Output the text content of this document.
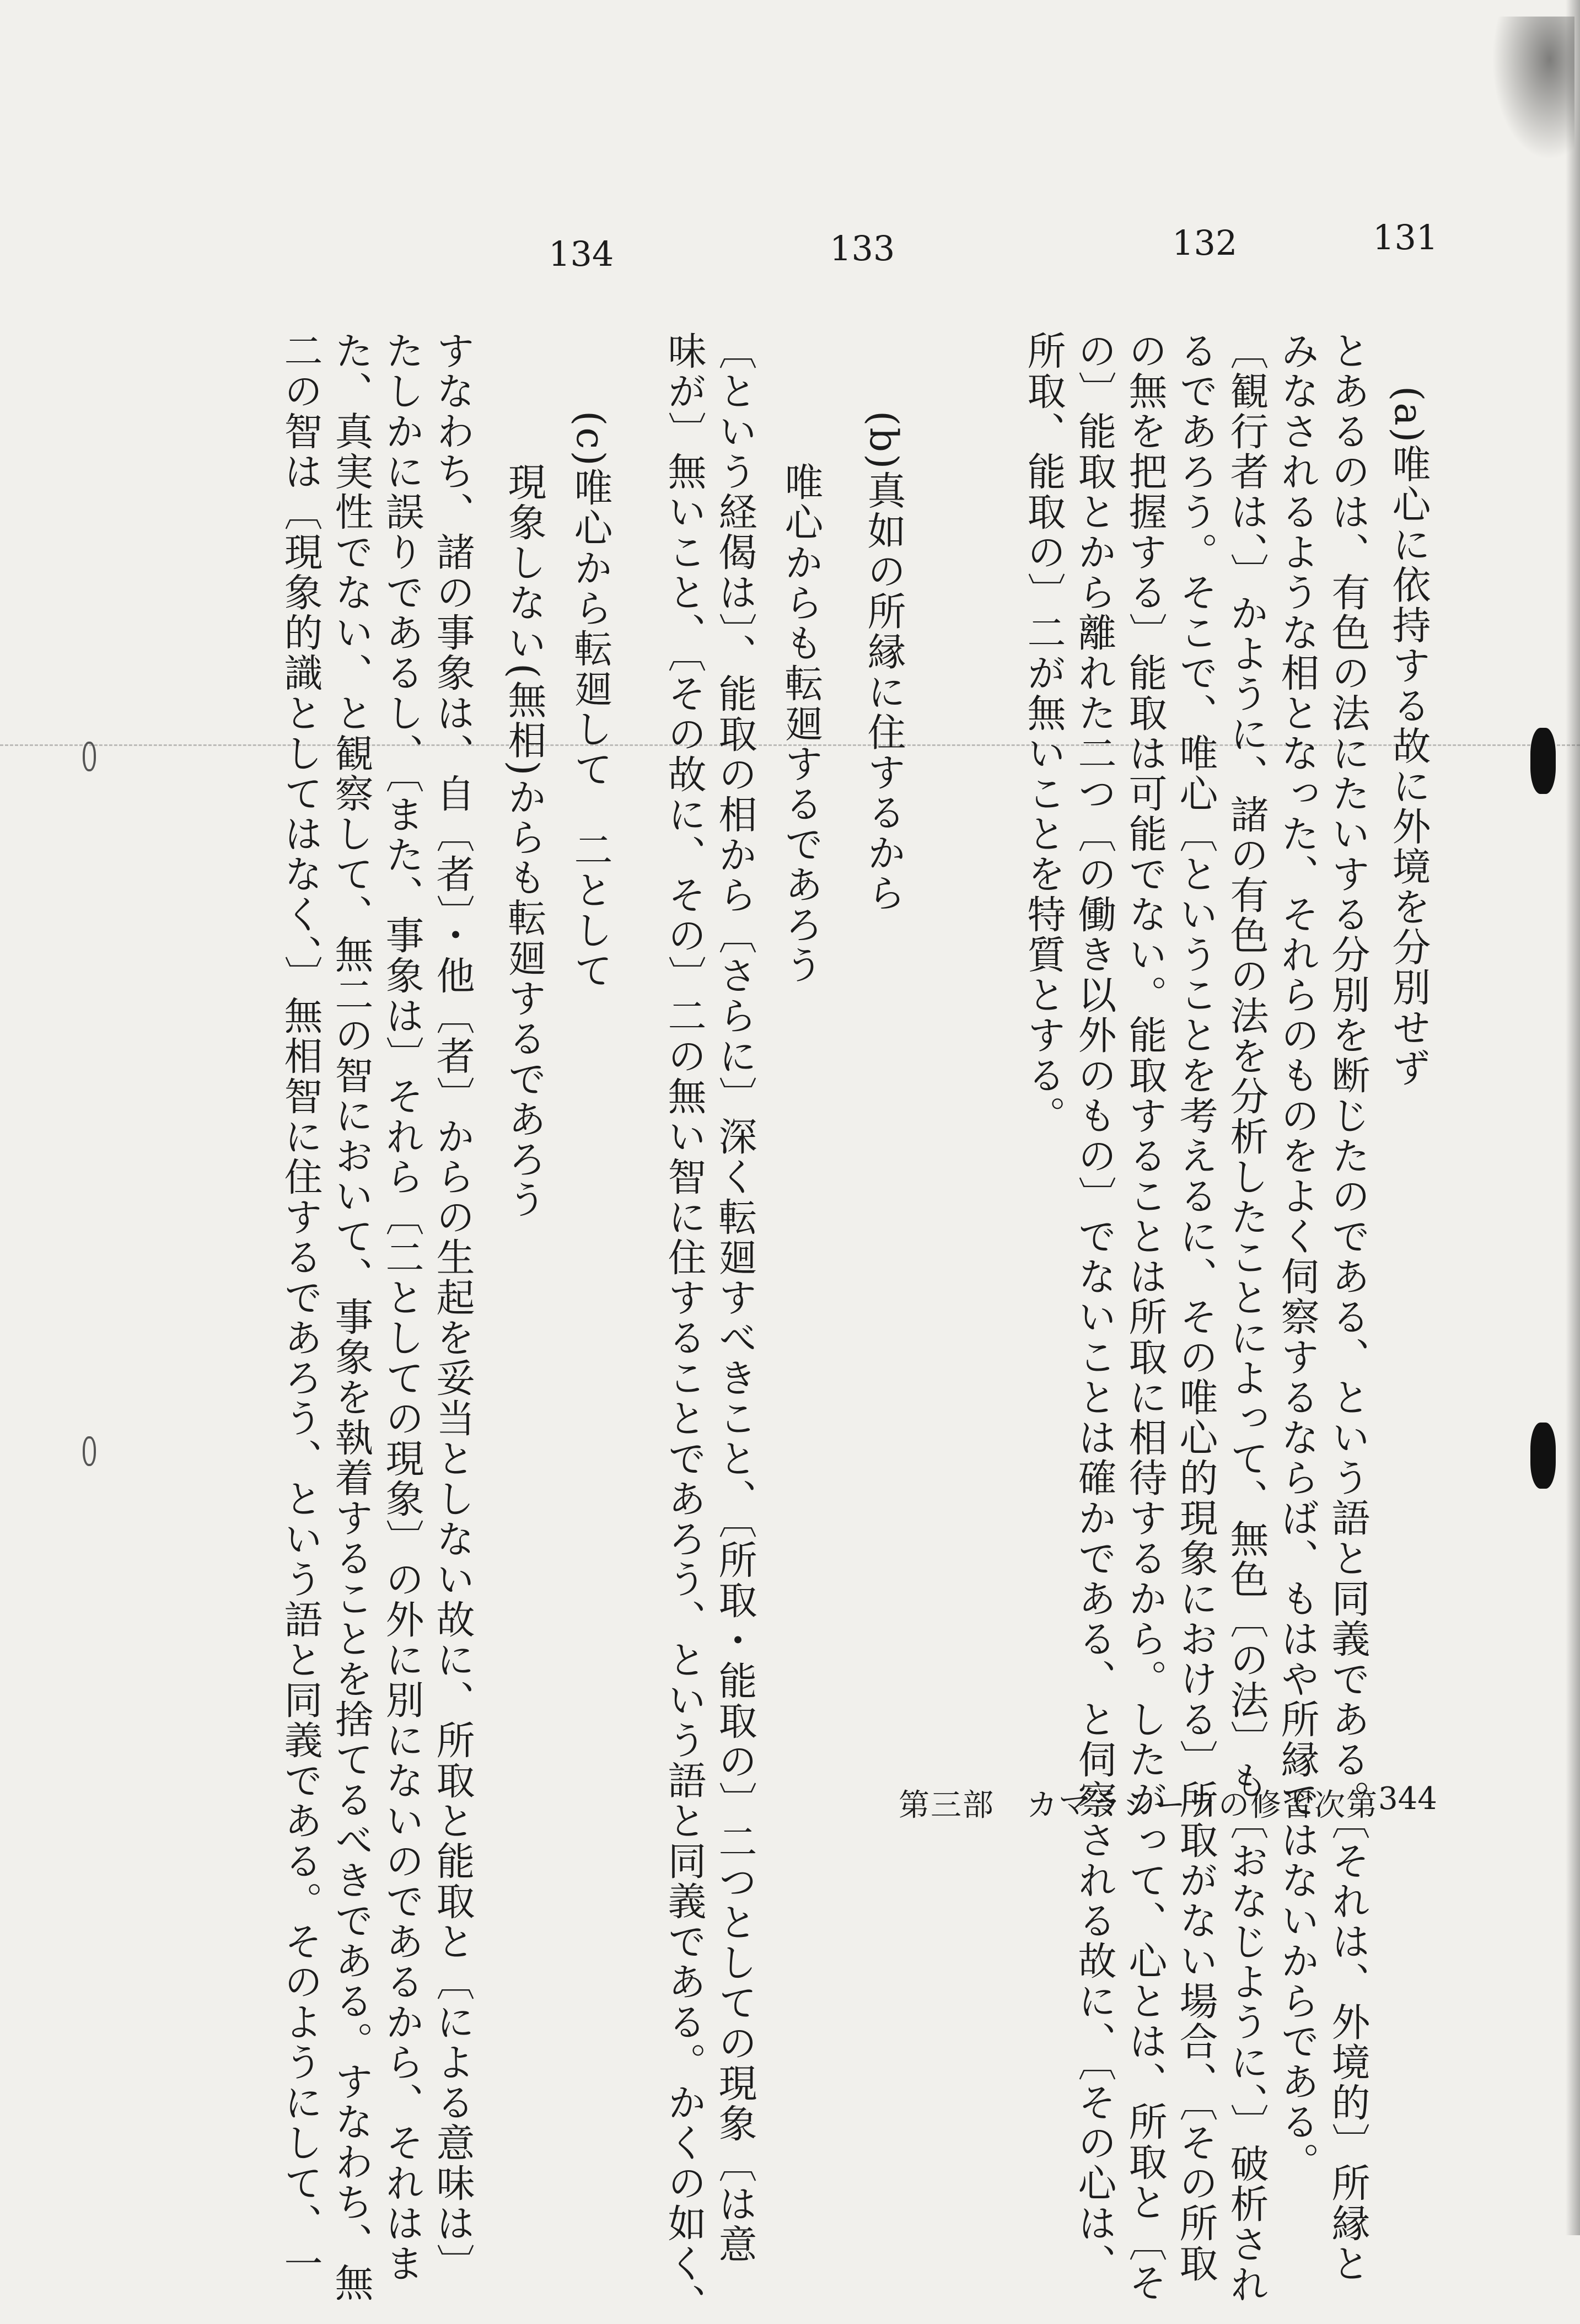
131
132
133
134
(a)唯心に依持する故に外境を分別せず
とあるのは、有色の法にたいする分別を断じたのである、という語と同義である。〔それは、外境的〕所縁と
みなされるような相となった、それらのものをよく伺察するならば、もはや所縁ではないからである。
〔観行者は、〕かように、諸の有色の法を分析したことによって、無色〔の法〕も〔おなじように、〕破析され
るであろう。そこで、唯心〔ということを考えるに、その唯心的現象における〕所取がない場合、〔その所取
の無を把握する〕能取は可能でない。能取することは所取に相待するから。したがって、心とは、所取と〔そ
の〕能取とから離れた二つ〔の働き以外のもの〕でないことは確かである、と伺察される故に、〔その心は、
所取、能取の〕二が無いことを特質とする。
(b)真如の所縁に住するから
唯心からも転廻するであろう
〔という経偈は〕、能取の相から〔さらに〕深く転廻すべきこと、〔所取・能取の〕二つとしての現象〔は意
味が〕無いこと、〔その故に、その〕二の無い智に住することであろう、という語と同義である。かくの如く、
(c)唯心から転廻して　二として
現象しない(無相)からも転廻するであろう
すなわち、諸の事象は、自〔者〕・他〔者〕からの生起を妥当としない故に、所取と能取と〔による意味は〕
たしかに誤りであるし、〔また、事象は〕それら〔二としての現象〕の外に別にないのであるから、それはま
た、真実性でない、と観察して、無二の智において、事象を執着することを捨てるべきである。すなわち、無
二の智は〔現象的識としてはなく、〕無相智に住するであろう、という語と同義である。そのようにして、一	第三部　カマラシーラの修習次第 344
